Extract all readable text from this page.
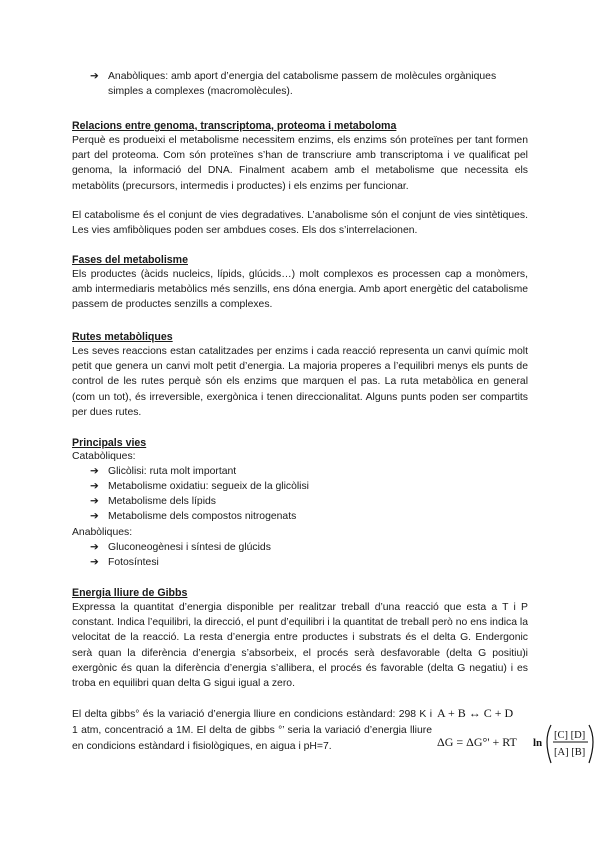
➔ Anabòliques: amb aport d’energia del catabolisme passem de molècules orgàniques simples a complexes (macromolècules).
Relacions entre genoma, transcriptoma, proteoma i metaboloma

Perquè es produeixi el metabolisme necessitem enzims, els enzims són proteïnes per tant formen part del proteoma. Com són proteïnes s’han de transcriure amb transcriptoma i ve qualificat pel genoma, la informació del DNA. Finalment acabem amb el metabolisme que necessita els metabòlits (precursors, intermedis i productes) i els enzims per funcionar.

El catabolisme és el conjunt de vies degradatives. L’anabolisme són el conjunt de vies sintètiques. Les vies amfibòliques poden ser ambdues coses. Els dos s’interrelacionen.

Fases del metabolisme

Els productes (àcids nucleics, lípids, glúcids…) molt complexos es processen cap a monòmers, amb intermediaris metabòlics més senzills, ens dóna energia. Amb aport energètic del catabolisme passem de productes senzills a complexes.

Rutes metabòliques

Les seves reaccions estan catalitzades per enzims i cada reacció representa un canvi químic molt petit que genera un canvi molt petit d’energia. La majoria properes a l’equilibri menys els punts de control de les rutes perquè són els enzims que marquen el pas. La ruta metabòlica en general (com un tot), és irreversible, exergònica i tenen direccionalitat. Alguns punts poden ser compartits per dues rutes.

Principals vies
Catabòliques:
➔ Glicòlisi: ruta molt important
➔ Metabolisme oxidatiu: segueix de la glicòlisi
➔ Metabolisme dels lípids
➔ Metabolisme dels compostos nitrogenats
Anabòliques:
➔ Gluconeogènesi i síntesi de glúcids
➔ Fotosíntesi
Energia lliure de Gibbs

Expressa la quantitat d’energia disponible per realitzar treball d’una reacció que esta a T i P constant. Indica l’equilibri, la direcció, el punt d’equilibri i la quantitat de treball però no ens indica la velocitat de la reacció. La resta d’energia entre productes i substrats és el delta G. Endergonic serà quan la diferència d’energia s’absorbeix, el procés serà desfavorable (delta G positiu)i exergònic és quan la diferència d’energia s’allibera, el procés és favorable (delta G negatiu) i es troba en equilibri quan delta G sigui igual a zero.

El delta gibbs° és la variació d’energia lliure en condicions estàndard: 298 K i 1 atm, concentració a 1M. El delta de gibbs °’ seria la variació d’energia lliure en condicions estàndard i fisiològiques, en aigua i pH=7.
A + B ↔ C + D
ΔG = ΔG°' + RT ln
[C] [D]
[A] [B]
